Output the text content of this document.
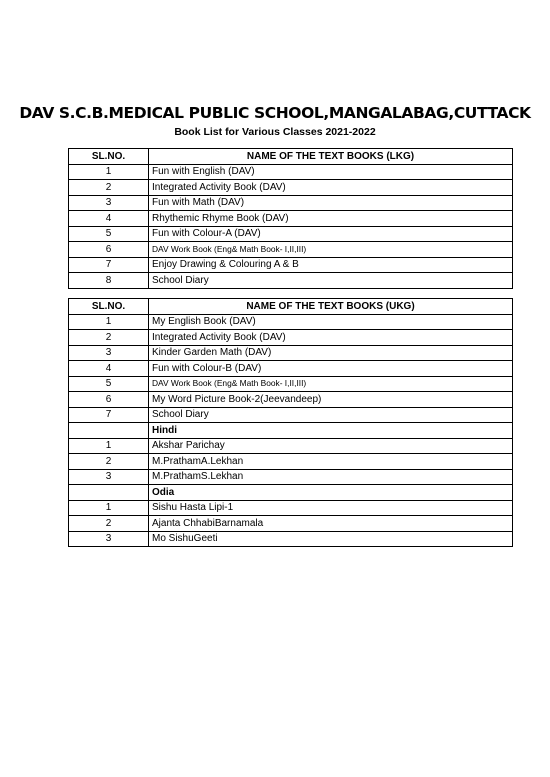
DAV S.C.B.MEDICAL PUBLIC SCHOOL,MANGALABAG,CUTTACK
Book List for Various Classes 2021-2022
SL.NO.	NAME OF THE TEXT BOOKS (LKG)
1	Fun with English (DAV)
2	Integrated Activity Book (DAV)
3	Fun with Math (DAV)
4	Rhythemic Rhyme Book (DAV)
5	Fun with Colour-A (DAV)
6	DAV Work Book (Eng& Math Book- I,II,III)
7	Enjoy Drawing & Colouring A & B
8	School Diary
SL.NO.	NAME OF THE TEXT BOOKS (UKG)
1	My English Book (DAV)
2	Integrated Activity Book (DAV)
3	Kinder Garden Math (DAV)
4	Fun with Colour-B (DAV)
5	DAV Work Book (Eng& Math Book- I,II,III)
6	My Word Picture Book-2(Jeevandeep)
7	School Diary
	Hindi
1	Akshar Parichay
2	M.PrathamA.Lekhan
3	M.PrathamS.Lekhan
	Odia
1	Sishu Hasta Lipi-1
2	Ajanta ChhabiBarnamala
3	Mo SishuGeeti
